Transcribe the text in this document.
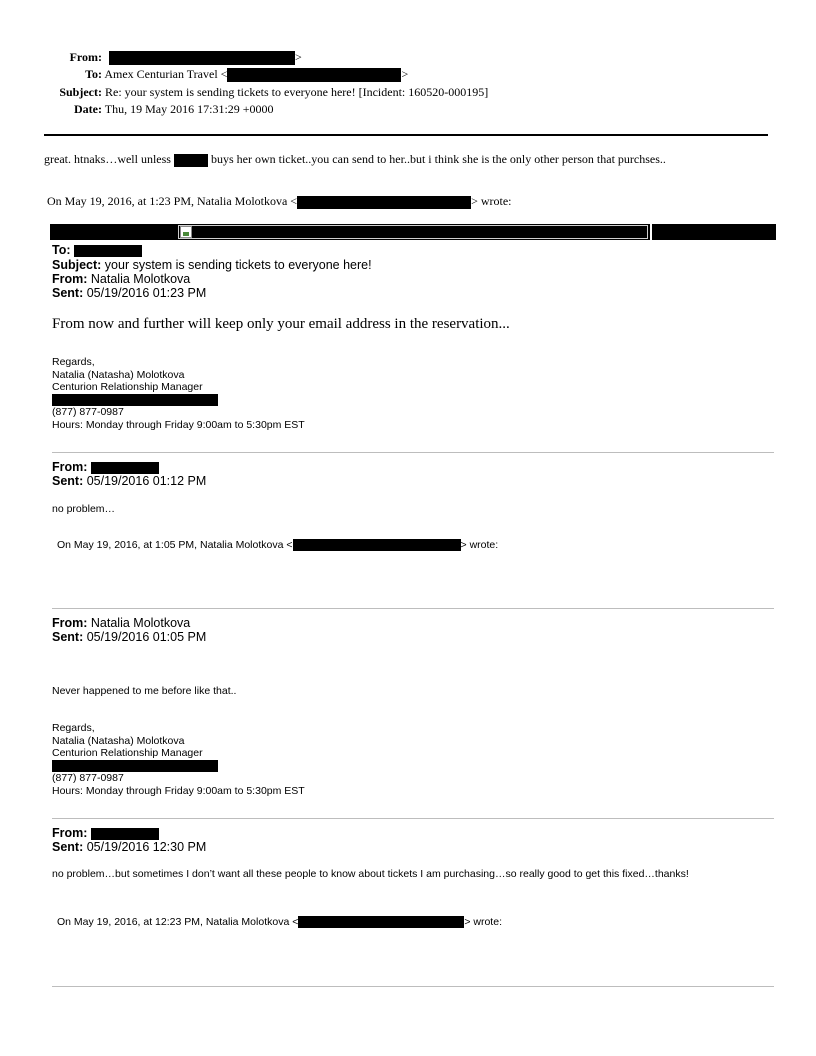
From:	>
To: Amex Centurian Travel <	>
Subject: Re: your system is sending tickets to everyone here! [Incident: 160520-000195]
Date: Thu, 19 May 2016 17:31:29 +0000
great. htnaks…well unless	buys her own ticket..you can send to her..but i think she is the only other person that purchses..
On May 19, 2016, at 1:23 PM, Natalia Molotkova <	> wrote:
To:
Subject: your system is sending tickets to everyone here!
From: Natalia Molotkova
Sent: 05/19/2016 01:23 PM
From now and further will keep only your email address in the reservation...
Regards,
Natalia (Natasha) Molotkova
Centurion Relationship Manager
(877) 877-0987
Hours: Monday through Friday 9:00am to 5:30pm EST
From:
Sent: 05/19/2016 01:12 PM
no problem…
On May 19, 2016, at 1:05 PM, Natalia Molotkova <	> wrote:
From: Natalia Molotkova
Sent: 05/19/2016 01:05 PM
Never happened to me before like that..
Regards,
Natalia (Natasha) Molotkova
Centurion Relationship Manager
(877) 877-0987
Hours: Monday through Friday 9:00am to 5:30pm EST
From:
Sent: 05/19/2016 12:30 PM
no problem…but sometimes I don’t want all these people to know about tickets I am purchasing…so really good to get this fixed…thanks!
On May 19, 2016, at 12:23 PM, Natalia Molotkova <	> wrote:
